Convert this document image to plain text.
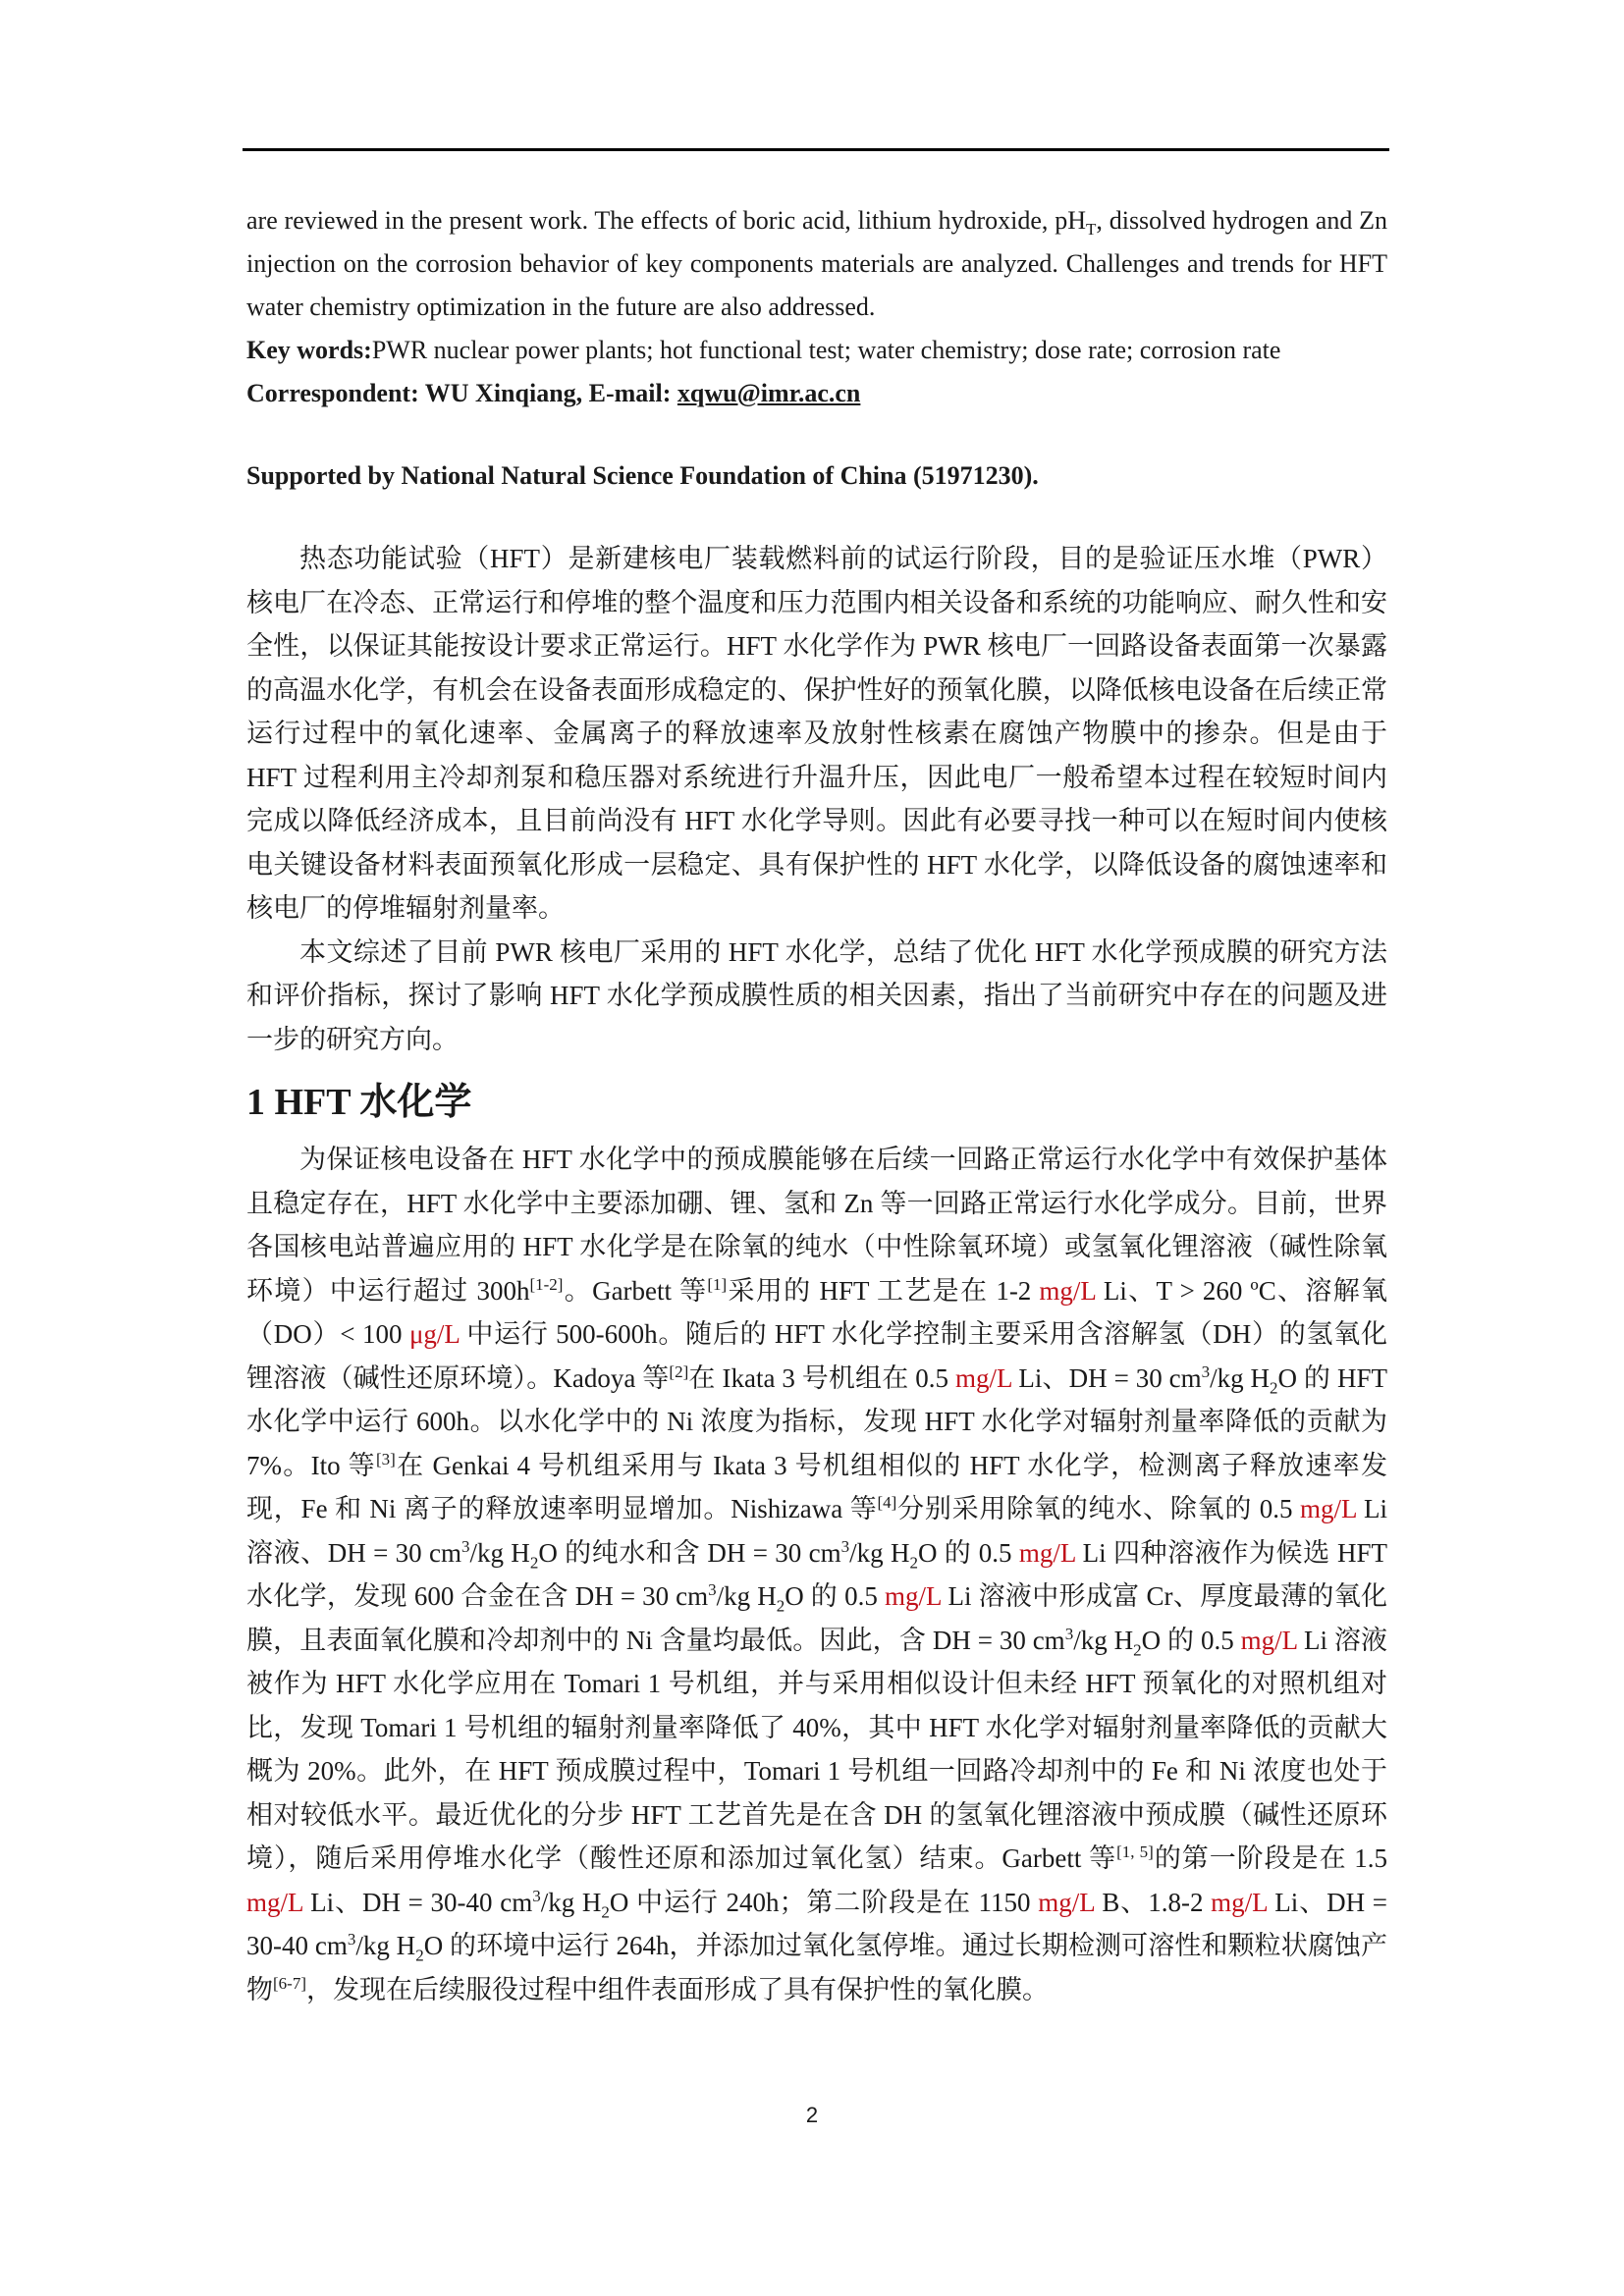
are reviewed in the present work. The effects of boric acid, lithium hydroxide, $pH_T$, dissolved hydrogen and Zn injection on the corrosion behavior of key components materials are analyzed. Challenges and trends for HFT water chemistry optimization in the future are also addressed.

Key words:PWR nuclear power plants; hot functional test; water chemistry; dose rate; corrosion rate

Correspondent: WU Xinqiang, E-mail: xqwu@imr.ac.cn

Supported by National Natural Science Foundation of China (51971230).

热态功能试验（HFT）是新建核电厂装载燃料前的试运行阶段，目的是验证压水堆（PWR）核电厂在冷态、正常运行和停堆的整个温度和压力范围内相关设备和系统的功能响应、耐久性和安全性，以保证其能按设计要求正常运行。HFT 水化学作为 PWR 核电厂一回路设备表面第一次暴露的高温水化学，有机会在设备表面形成稳定的、保护性好的预氧化膜，以降低核电设备在后续正常运行过程中的氧化速率、金属离子的释放速率及放射性核素在腐蚀产物膜中的掺杂。但是由于 HFT 过程利用主冷却剂泵和稳压器对系统进行升温升压，因此电厂一般希望本过程在较短时间内完成以降低经济成本，且目前尚没有 HFT 水化学导则。因此有必要寻找一种可以在短时间内使核电关键设备材料表面预氧化形成一层稳定、具有保护性的 HFT 水化学，以降低设备的腐蚀速率和核电厂的停堆辐射剂量率。

本文综述了目前 PWR 核电厂采用的 HFT 水化学，总结了优化 HFT 水化学预成膜的研究方法和评价指标，探讨了影响 HFT 水化学预成膜性质的相关因素，指出了当前研究中存在的问题及进一步的研究方向。

1 HFT 水化学

为保证核电设备在 HFT 水化学中的预成膜能够在后续一回路正常运行水化学中有效保护基体且稳定存在，HFT 水化学中主要添加硼、锂、氢和 Zn 等一回路正常运行水化学成分。目前，世界各国核电站普遍应用的 HFT 水化学是在除氧的纯水（中性除氧环境）或氢氧化锂溶液（碱性除氧环境）中运行超过 300h[1-2]。Garbett 等[1]采用的 HFT 工艺是在 1-2 mg/L Li、T > 260 ºC、溶解氧（DO）< 100 μg/L 中运行 500-600h。随后的 HFT 水化学控制主要采用含溶解氢（DH）的氢氧化锂溶液（碱性还原环境）。Kadoya 等[2]在 Ikata 3 号机组在 0.5 mg/L Li、DH = 30 $cm^3/kg$ $H_2O$ 的 HFT 水化学中运行 600h。以水化学中的 Ni 浓度为指标，发现 HFT 水化学对辐射剂量率降低的贡献为 7%。Ito 等[3]在 Genkai 4 号机组采用与 Ikata 3 号机组相似的 HFT 水化学，检测离子释放速率发现，Fe 和 Ni 离子的释放速率明显增加。Nishizawa 等[4]分别采用除氧的纯水、除氧的 0.5 mg/L Li 溶液、DH = 30 $cm^3/kg$ $H_2O$ 的纯水和含 DH = 30 $cm^3/kg$ $H_2O$ 的 0.5 mg/L Li 四种溶液作为候选 HFT 水化学，发现 600 合金在含 DH = 30 $cm^3/kg$ $H_2O$ 的 0.5 mg/L Li 溶液中形成富 Cr、厚度最薄的氧化膜，且表面氧化膜和冷却剂中的 Ni 含量均最低。因此，含 DH = 30 $cm^3/kg$ $H_2O$ 的 0.5 mg/L Li 溶液被作为 HFT 水化学应用在 Tomari 1 号机组，并与采用相似设计但未经 HFT 预氧化的对照机组对比，发现 Tomari 1 号机组的辐射剂量率降低了 40%，其中 HFT 水化学对辐射剂量率降低的贡献大概为 20%。此外，在 HFT 预成膜过程中，Tomari 1 号机组一回路冷却剂中的 Fe 和 Ni 浓度也处于相对较低水平。最近优化的分步 HFT 工艺首先是在含 DH 的氢氧化锂溶液中预成膜（碱性还原环境），随后采用停堆水化学（酸性还原和添加过氧化氢）结束。Garbett 等[1, 5]的第一阶段是在 1.5 mg/L Li、DH = 30-40 $cm^3/kg$ $H_2O$ 中运行 240h；第二阶段是在 1150 mg/L B、1.8-2 mg/L Li、DH = 30-40 $cm^3/kg$ $H_2O$ 的环境中运行 264h，并添加过氧化氢停堆。通过长期检测可溶性和颗粒状腐蚀产物[6-7]，发现在后续服役过程中组件表面形成了具有保护性的氧化膜。

2
